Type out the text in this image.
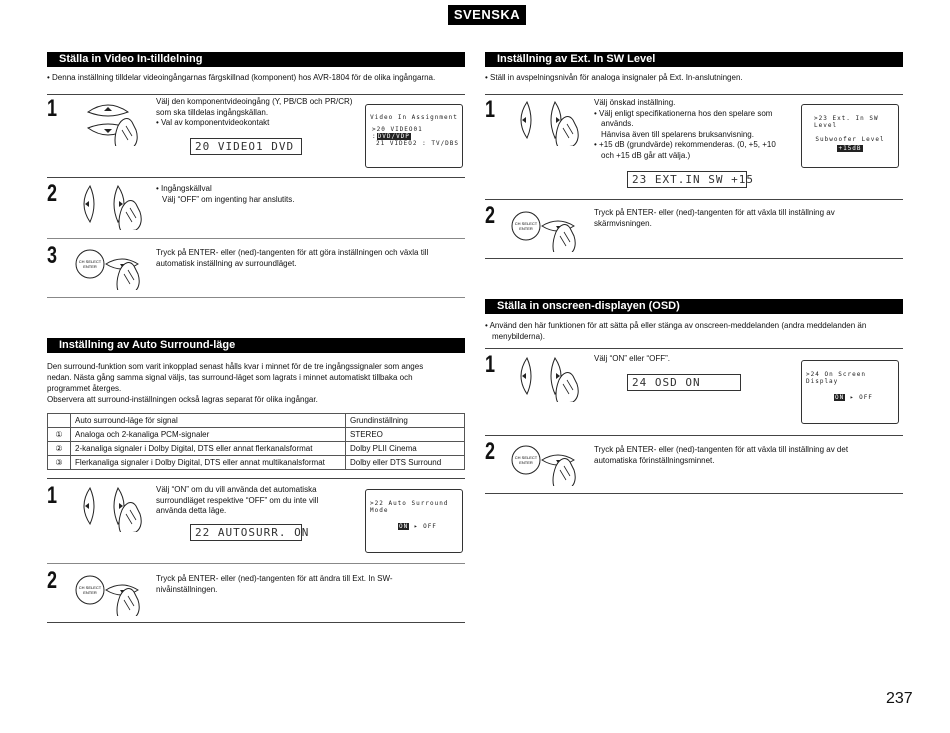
SVENSKA
Ställa in Video In-tilldelning
• Denna inställning tilldelar videoingångarnas färgskillnad (komponent) hos AVR-1804 för de olika ingångarna.
1	Välj den komponentvideoingång (Y, PB/CB och PR/CR)
som ska tilldelas ingångskällan.
• Val av komponentvideokontakt
20 VIDEO1 DVD
Video In Assignment
>20 VIDEO01 :DVD/VDP
21 VIDEO2 : TV/DBS
2	• Ingångskällval
Välj “OFF” om ingenting har anslutits.
3	CH SELECT
ENTER
Tryck på ENTER- eller (ned)-tangenten för att göra inställningen och växla till
automatisk inställning av surroundläget.
Inställning av Auto Surround-läge
Den surround-funktion som varit inkopplad senast hålls kvar i minnet för de tre ingångssignaler som anges
nedan. Nästa gång samma signal väljs, tas surround-läget som lagrats i minnet automatiskt tillbaka och
programmet återges.
Observera att surround-inställningen också lagras separat för olika ingångar.
	Auto surround-läge för signal	Grundinställning
①	Analoga och 2-kanaliga PCM-signaler	STEREO
②	2-kanaliga signaler i Dolby Digital, DTS eller annat flerkanalsformat	Dolby PLII Cinema
③	Flerkanaliga signaler i Dolby Digital, DTS eller annat multikanalsformat	Dolby eller DTS Surround
1	Välj “ON” om du vill använda det automatiska
surroundläget respektive “OFF” om du inte vill
använda detta läge.
22 AUTOSURR. ON
>22 Auto Surround Mode
ON ▸ OFF
2	CH SELECT
ENTER
Tryck på ENTER- eller (ned)-tangenten för att ändra till Ext. In SW-
nivåinställningen.
Inställning av Ext. In SW Level
• Ställ in avspelningsnivån för analoga insignaler på Ext. In-anslutningen.
1	Välj önskad inställning.
• Välj enligt specifikationerna hos den spelare som
används.
Hänvisa även till spelarens bruksanvisning.
• +15 dB (grundvärde) rekommenderas. (0, +5, +10
och +15 dB går att välja.)
23 EXT.IN SW +15
>23 Ext. In SW Level
Subwoofer Level
+15dB
2	CH SELECT
ENTER
Tryck på ENTER- eller (ned)-tangenten för att växla till inställning av
skärmvisningen.
Ställa in onscreen-displayen (OSD)
• Använd den här funktionen för att sätta på eller stänga av onscreen-meddelanden (andra meddelanden än
menybilderna).
1	Välj “ON” eller “OFF”.
24 OSD ON
>24 On Screen Display
ON ▸ OFF
2	CH SELECT
ENTER
Tryck på ENTER- eller (ned)-tangenten för att växla till inställning av det
automatiska förinställningsminnet.
237
